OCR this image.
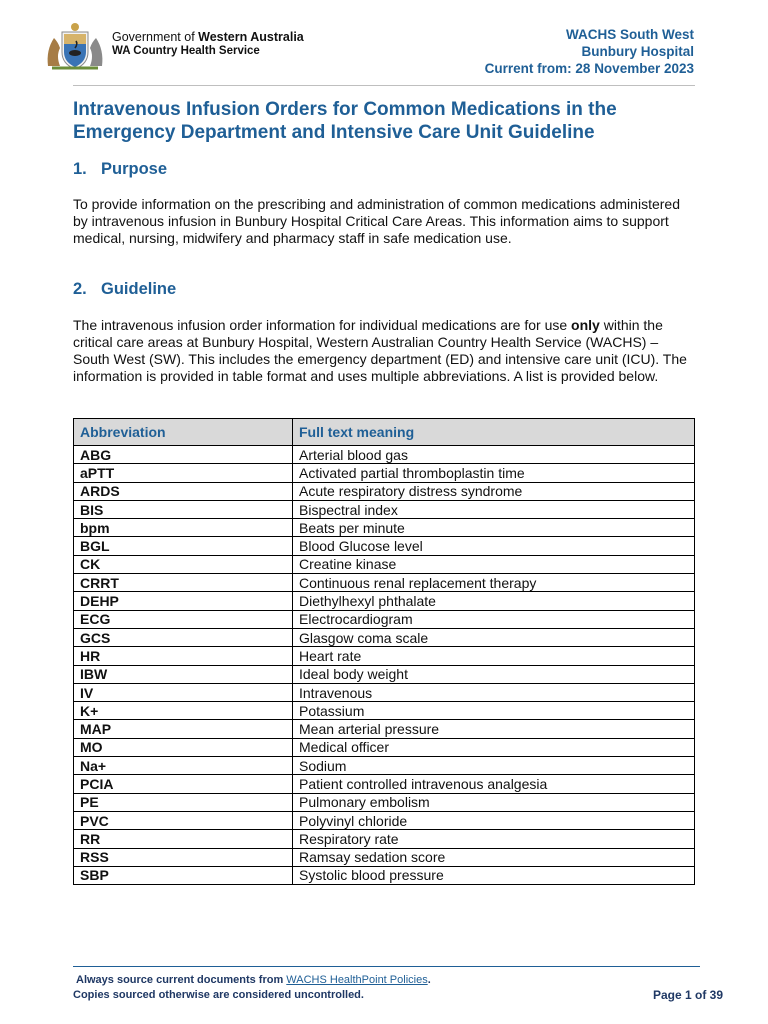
Government of Western Australia
WA Country Health Service
WACHS South West
Bunbury Hospital
Current from: 28 November 2023
Intravenous Infusion Orders for Common Medications in the Emergency Department and Intensive Care Unit Guideline
1. Purpose

To provide information on the prescribing and administration of common medications administered by intravenous infusion in Bunbury Hospital Critical Care Areas. This information aims to support medical, nursing, midwifery and pharmacy staff in safe medication use.

2. Guideline

The intravenous infusion order information for individual medications are for use only within the critical care areas at Bunbury Hospital, Western Australian Country Health Service (WACHS) – South West (SW). This includes the emergency department (ED) and intensive care unit (ICU). The information is provided in table format and uses multiple abbreviations. A list is provided below.

Abbreviation	Full text meaning
ABG	Arterial blood gas
aPTT	Activated partial thromboplastin time
ARDS	Acute respiratory distress syndrome
BIS	Bispectral index
bpm	Beats per minute
BGL	Blood Glucose level
CK	Creatine kinase
CRRT	Continuous renal replacement therapy
DEHP	Diethylhexyl phthalate
ECG	Electrocardiogram
GCS	Glasgow coma scale
HR	Heart rate
IBW	Ideal body weight
IV	Intravenous
K+	Potassium
MAP	Mean arterial pressure
MO	Medical officer
Na+	Sodium
PCIA	Patient controlled intravenous analgesia
PE	Pulmonary embolism
PVC	Polyvinyl chloride
RR	Respiratory rate
RSS	Ramsay sedation score
SBP	Systolic blood pressure
Always source current documents from WACHS HealthPoint Policies.
Copies sourced otherwise are considered uncontrolled.	Page 1 of 39
